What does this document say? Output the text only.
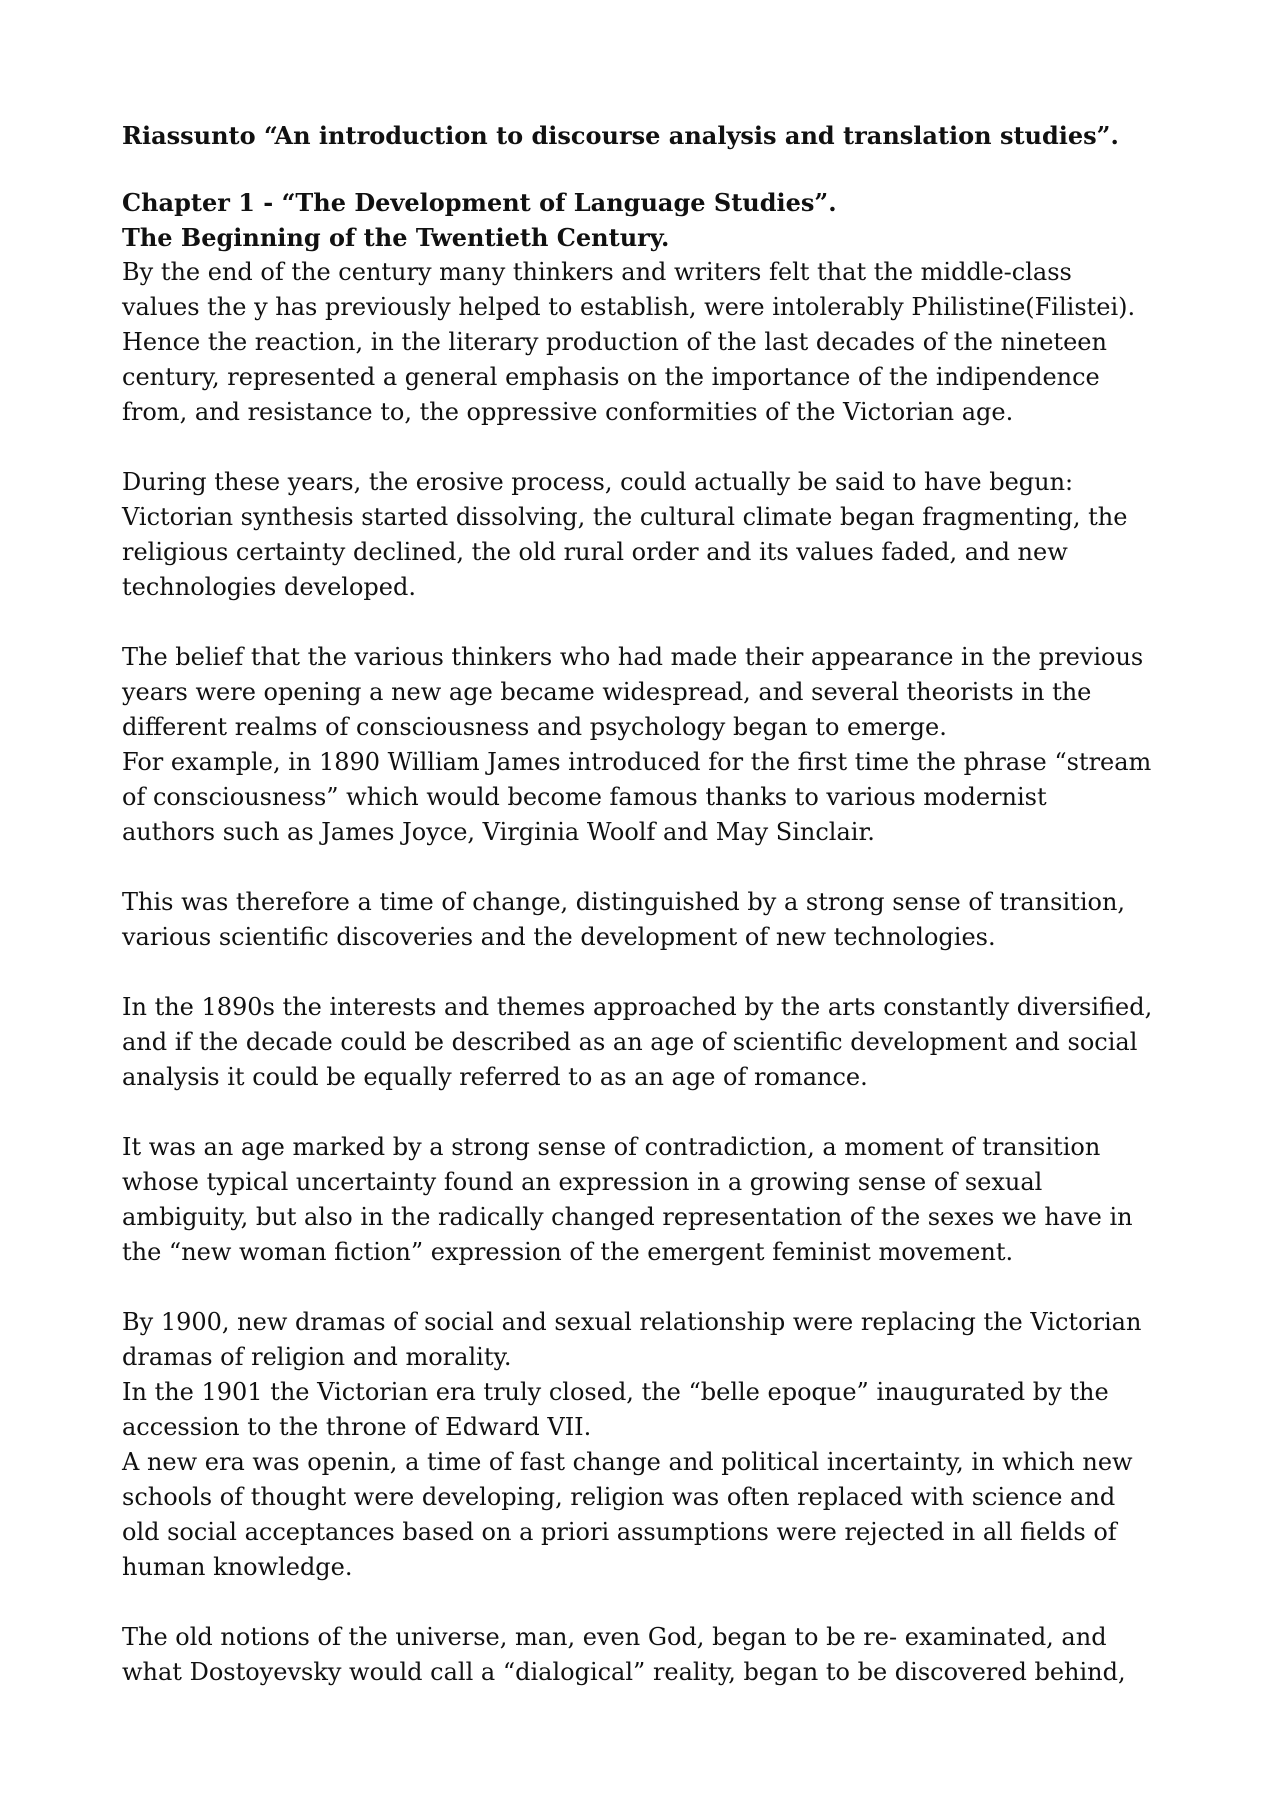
Riassunto “An introduction to discourse analysis and translation studies”.
Chapter 1 - “The Development of Language Studies”.
The Beginning of the Twentieth Century.
By the end of the century many thinkers and writers felt that the middle-class
values the y has previously helped to establish, were intolerably Philistine(Filistei).
Hence the reaction, in the literary production of the last decades of the nineteen
century, represented a general emphasis on the importance of the indipendence
from, and resistance to, the oppressive conformities of the Victorian age.
During these years, the erosive process, could actually be said to have begun:
Victorian synthesis started dissolving, the cultural climate began fragmenting, the
religious certainty declined, the old rural order and its values faded, and new
technologies developed.
The belief that the various thinkers who had made their appearance in the previous
years were opening a new age became widespread, and several theorists in the
different realms of consciousness and psychology began to emerge.
For example, in 1890 William James introduced for the first time the phrase “stream
of consciousness” which would become famous thanks to various modernist
authors such as James Joyce, Virginia Woolf and May Sinclair.
This was therefore a time of change, distinguished by a strong sense of transition,
various scientific discoveries and the development of new technologies.
In the 1890s the interests and themes approached by the arts constantly diversified,
and if the decade could be described as an age of scientific development and social
analysis it could be equally referred to as an age of romance.
It was an age marked by a strong sense of contradiction, a moment of transition
whose typical uncertainty found an expression in a growing sense of sexual
ambiguity, but also in the radically changed representation of the sexes we have in
the “new woman fiction” expression of the emergent feminist movement.
By 1900, new dramas of social and sexual relationship were replacing the Victorian
dramas of religion and morality.
In the 1901 the Victorian era truly closed, the “belle epoque” inaugurated by the
accession to the throne of Edward VII.
A new era was openin, a time of fast change and political incertainty, in which new
schools of thought were developing, religion was often replaced with science and
old social acceptances based on a priori assumptions were rejected in all fields of
human knowledge.
The old notions of the universe, man, even God, began to be re- examinated, and
what Dostoyevsky would call a “dialogical” reality, began to be discovered behind,
